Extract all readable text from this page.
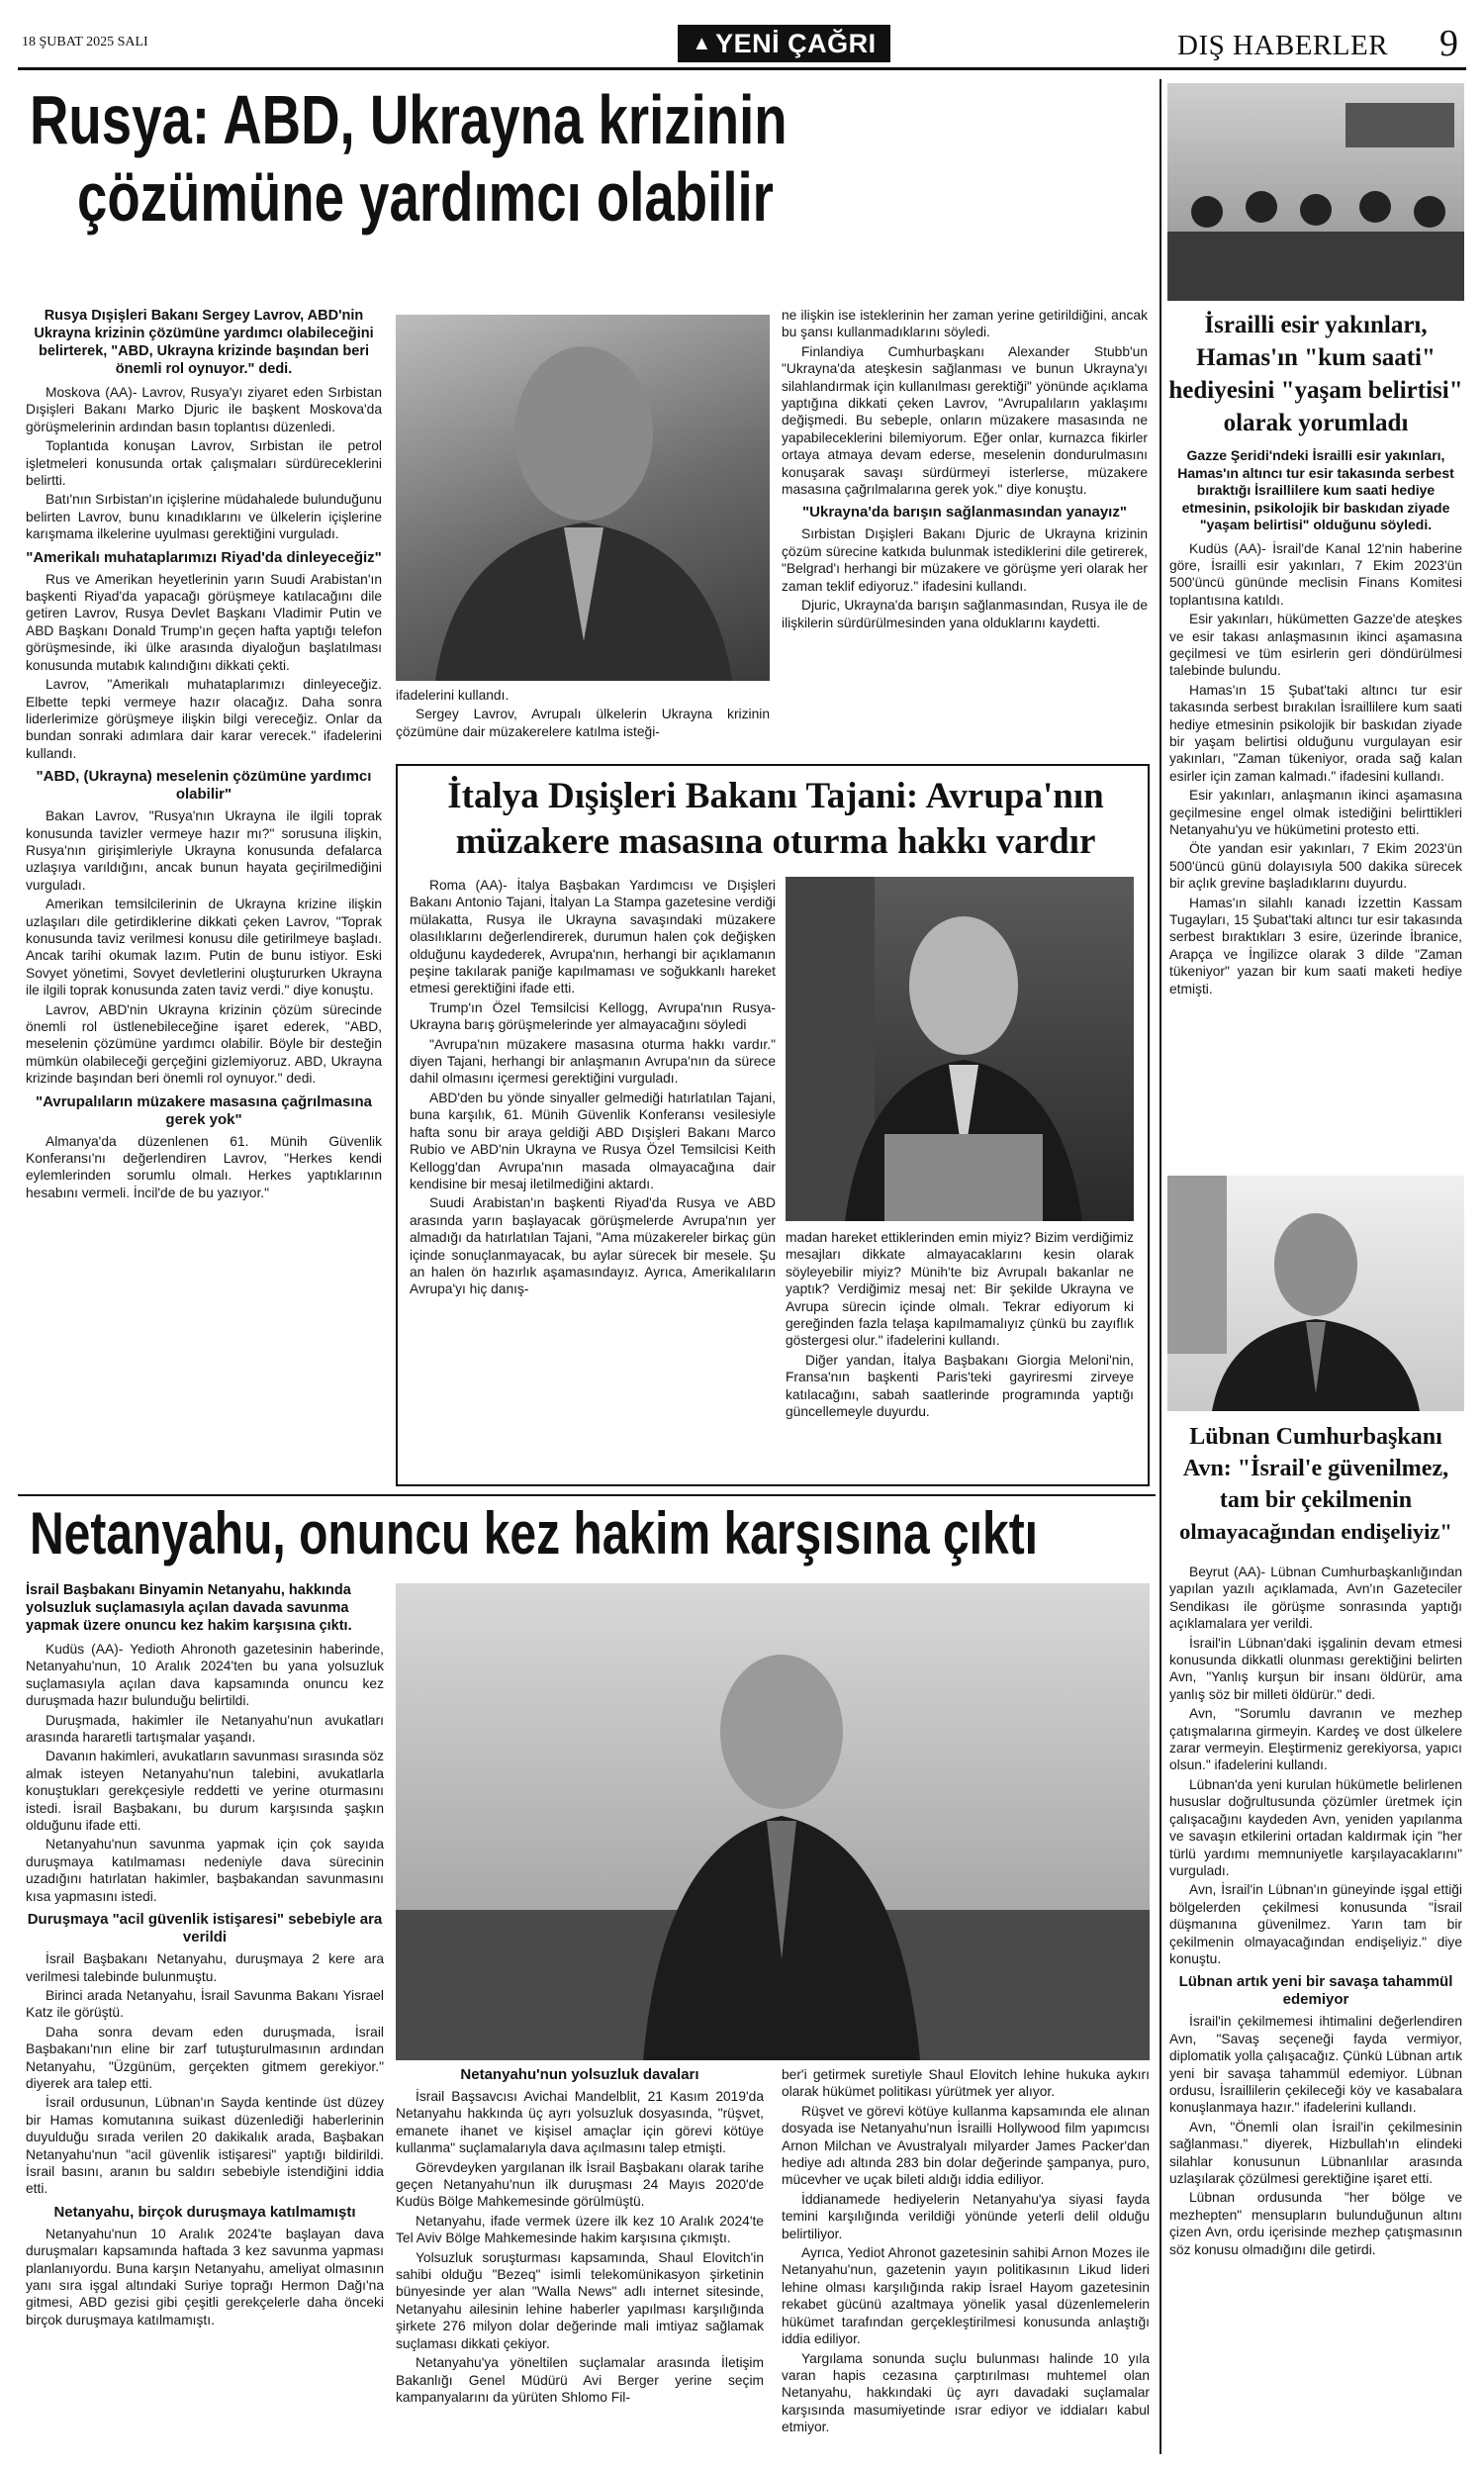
18 ŞUBAT 2025 SALI	▲ YENİ ÇAĞRI	DIŞ HABERLER 9
Rusya: ABD, Ukrayna krizinin
çözümüne yardımcı olabilir
Rusya Dışişleri Bakanı Sergey Lavrov, ABD'nin Ukrayna krizinin çözümüne yardımcı olabileceğini belirterek, "ABD, Ukrayna krizinde başından beri önemli rol oynuyor." dedi.

Moskova (AA)- Lavrov, Rusya'yı ziyaret eden Sırbistan Dışişleri Bakanı Marko Djuric ile başkent Moskova'da görüşmelerinin ardından basın toplantısı düzenledi.

Toplantıda konuşan Lavrov, Sırbistan ile petrol işletmeleri konusunda ortak çalışmaları sürdüreceklerini belirtti.

Batı'nın Sırbistan'ın içişlerine müdahalede bulunduğunu belirten Lavrov, bunu kınadıklarını ve ülkelerin içişlerine karışmama ilkelerine uyulması gerektiğini vurguladı.

"Amerikalı muhataplarımızı Riyad'da dinleyeceğiz"

Rus ve Amerikan heyetlerinin yarın Suudi Arabistan'ın başkenti Riyad'da yapacağı görüşmeye katılacağını dile getiren Lavrov, Rusya Devlet Başkanı Vladimir Putin ve ABD Başkanı Donald Trump'ın geçen hafta yaptığı telefon görüşmesinde, iki ülke arasında diyaloğun başlatılması konusunda mutabık kalındığını dikkati çekti.

Lavrov, "Amerikalı muhataplarımızı dinleyeceğiz. Elbette tepki vermeye hazır olacağız. Daha sonra liderlerimize görüşmeye ilişkin bilgi vereceğiz. Onlar da bundan sonraki adımlara dair karar verecek." ifadelerini kullandı.

"ABD, (Ukrayna) meselenin çözümüne yardımcı olabilir"

Bakan Lavrov, "Rusya'nın Ukrayna ile ilgili toprak konusunda tavizler vermeye hazır mı?" sorusuna ilişkin, Rusya'nın girişimleriyle Ukrayna konusunda defalarca uzlaşıya varıldığını, ancak bunun hayata geçirilmediğini vurguladı.

Amerikan temsilcilerinin de Ukrayna krizine ilişkin uzlaşıları dile getirdiklerine dikkati çeken Lavrov, "Toprak konusunda taviz verilmesi konusu dile getirilmeye başladı. Ancak tarihi okumak lazım. Putin de bunu istiyor. Eski Sovyet yönetimi, Sovyet devletlerini oluştururken Ukrayna ile ilgili toprak konusunda zaten taviz verdi." diye konuştu.

Lavrov, ABD'nin Ukrayna krizinin çözüm sürecinde önemli rol üstlenebileceğine işaret ederek, "ABD, meselenin çözümüne yardımcı olabilir. Böyle bir desteğin mümkün olabileceği gerçeğini gizlemiyoruz. ABD, Ukrayna krizinde başından beri önemli rol oynuyor." dedi.

"Avrupalıların müzakere masasına çağrılmasına gerek yok"

Almanya'da düzenlenen 61. Münih Güvenlik Konferansı'nı değerlendiren Lavrov, "Herkes kendi eylemlerinden sorumlu olmalı. Herkes yaptıklarının hesabını vermeli. İncil'de de bu yazıyor."

ifadelerini kullandı.

Sergey Lavrov, Avrupalı ülkelerin Ukrayna krizinin çözümüne dair müzakerelere katılma isteği-

ne ilişkin ise isteklerinin her zaman yerine getirildiğini, ancak bu şansı kullanmadıklarını söyledi.

Finlandiya Cumhurbaşkanı Alexander Stubb'un "Ukrayna'da ateşkesin sağlanması ve bunun Ukrayna'yı silahlandırmak için kullanılması gerektiği" yönünde açıklama yaptığına dikkati çeken Lavrov, "Avrupalıların yaklaşımı değişmedi. Bu sebeple, onların müzakere masasında ne yapabileceklerini bilemiyorum. Eğer onlar, kurnazca fikirler ortaya atmaya devam ederse, meselenin dondurulmasını konuşarak savaşı sürdürmeyi isterlerse, müzakere masasına çağrılmalarına gerek yok." diye konuştu.

"Ukrayna'da barışın sağlanmasından yanayız"

Sırbistan Dışişleri Bakanı Djuric de Ukrayna krizinin çözüm sürecine katkıda bulunmak istediklerini dile getirerek, "Belgrad'ı herhangi bir müzakere ve görüşme yeri olarak her zaman teklif ediyoruz." ifadesini kullandı.

Djuric, Ukrayna'da barışın sağlanmasından, Rusya ile de ilişkilerin sürdürülmesinden yana olduklarını kaydetti.

İtalya Dışişleri Bakanı Tajani: Avrupa'nın
müzakere masasına oturma hakkı vardır

Roma (AA)- İtalya Başbakan Yardımcısı ve Dışişleri Bakanı Antonio Tajani, İtalyan La Stampa gazetesine verdiği mülakatta, Rusya ile Ukrayna savaşındaki müzakere olasılıklarını değerlendirerek, durumun halen çok değişken olduğunu kaydederek, Avrupa'nın, herhangi bir açıklamanın peşine takılarak paniğe kapılmaması ve soğukkanlı hareket etmesi gerektiğini ifade etti.

Trump'ın Özel Temsilcisi Kellogg, Avrupa'nın Rusya-Ukrayna barış görüşmelerinde yer almayacağını söyledi

"Avrupa'nın müzakere masasına oturma hakkı vardır." diyen Tajani, herhangi bir anlaşmanın Avrupa'nın da sürece dahil olmasını içermesi gerektiğini vurguladı.

ABD'den bu yönde sinyaller gelmediği hatırlatılan Tajani, buna karşılık, 61. Münih Güvenlik Konferansı vesilesiyle hafta sonu bir araya geldiği ABD Dışişleri Bakanı Marco Rubio ve ABD'nin Ukrayna ve Rusya Özel Temsilcisi Keith Kellogg'dan Avrupa'nın masada olmayacağına dair kendisine bir mesaj iletilmediğini aktardı.

Suudi Arabistan'ın başkenti Riyad'da Rusya ve ABD arasında yarın başlayacak görüşmelerde Avrupa'nın yer almadığı da hatırlatılan Tajani, "Ama müzakereler birkaç gün içinde sonuçlanmayacak, bu aylar sürecek bir mesele. Şu an halen ön hazırlık aşamasındayız. Ayrıca, Amerikalıların Avrupa'yı hiç danış-

madan hareket ettiklerinden emin miyiz? Bizim verdiğimiz mesajları dikkate almayacaklarını kesin olarak söyleyebilir miyiz? Münih'te biz Avrupalı bakanlar ne yaptık? Verdiğimiz mesaj net: Bir şekilde Ukrayna ve Avrupa sürecin içinde olmalı. Tekrar ediyorum ki gereğinden fazla telaşa kapılmamalıyız çünkü bu zayıflık göstergesi olur." ifadelerini kullandı.

Diğer yandan, İtalya Başbakanı Giorgia Meloni'nin, Fransa'nın başkenti Paris'teki gayriresmi zirveye katılacağını, sabah saatlerinde programında yaptığı güncellemeyle duyurdu.

Netanyahu, onuncu kez hakim karşısına çıktı
İsrail Başbakanı Binyamin Netanyahu, hakkında yolsuzluk suçlamasıyla açılan davada savunma yapmak üzere onuncu kez hakim karşısına çıktı.

Kudüs (AA)- Yedioth Ahronoth gazetesinin haberinde, Netanyahu'nun, 10 Aralık 2024'ten bu yana yolsuzluk suçlamasıyla açılan dava kapsamında onuncu kez duruşmada hazır bulunduğu belirtildi.

Duruşmada, hakimler ile Netanyahu'nun avukatları arasında hararetli tartışmalar yaşandı.

Davanın hakimleri, avukatların savunması sırasında söz almak isteyen Netanyahu'nun talebini, avukatlarla konuştukları gerekçesiyle reddetti ve yerine oturmasını istedi. İsrail Başbakanı, bu durum karşısında şaşkın olduğunu ifade etti.

Netanyahu'nun savunma yapmak için çok sayıda duruşmaya katılmaması nedeniyle dava sürecinin uzadığını hatırlatan hakimler, başbakandan savunmasını kısa yapmasını istedi.

Duruşmaya "acil güvenlik istişaresi" sebebiyle ara verildi

İsrail Başbakanı Netanyahu, duruşmaya 2 kere ara verilmesi talebinde bulunmuştu.

Birinci arada Netanyahu, İsrail Savunma Bakanı Yisrael Katz ile görüştü.

Daha sonra devam eden duruşmada, İsrail Başbakanı'nın eline bir zarf tutuşturulmasının ardından Netanyahu, "Üzgünüm, gerçekten gitmem gerekiyor." diyerek ara talep etti.

İsrail ordusunun, Lübnan'ın Sayda kentinde üst düzey bir Hamas komutanına suikast düzenlediği haberlerinin duyulduğu sırada verilen 20 dakikalık arada, Başbakan Netanyahu'nun "acil güvenlik istişaresi" yaptığı bildirildi. İsrail basını, aranın bu saldırı sebebiyle istendiğini iddia etti.

Netanyahu, birçok duruşmaya katılmamıştı

Netanyahu'nun 10 Aralık 2024'te başlayan dava duruşmaları kapsamında haftada 3 kez savunma yapması planlanıyordu. Buna karşın Netanyahu, ameliyat olmasının yanı sıra işgal altındaki Suriye toprağı Hermon Dağı'na gitmesi, ABD gezisi gibi çeşitli gerekçelerle daha önceki birçok duruşmaya katılmamıştı.

Netanyahu'nun yolsuzluk davaları

İsrail Başsavcısı Avichai Mandelblit, 21 Kasım 2019'da Netanyahu hakkında üç ayrı yolsuzluk dosyasında, "rüşvet, emanete ihanet ve kişisel amaçlar için görevi kötüye kullanma" suçlamalarıyla dava açılmasını talep etmişti.

Görevdeyken yargılanan ilk İsrail Başbakanı olarak tarihe geçen Netanyahu'nun ilk duruşması 24 Mayıs 2020'de Kudüs Bölge Mahkemesinde görülmüştü.

Netanyahu, ifade vermek üzere ilk kez 10 Aralık 2024'te Tel Aviv Bölge Mahkemesinde hakim karşısına çıkmıştı.

Yolsuzluk soruşturması kapsamında, Shaul Elovitch'in sahibi olduğu "Bezeq" isimli telekomünikasyon şirketinin bünyesinde yer alan "Walla News" adlı internet sitesinde, Netanyahu ailesinin lehine haberler yapılması karşılığında şirkete 276 milyon dolar değerinde mali imtiyaz sağlamak suçlaması dikkati çekiyor.

Netanyahu'ya yöneltilen suçlamalar arasında İletişim Bakanlığı Genel Müdürü Avi Berger yerine seçim kampanyalarını da yürüten Shlomo Fil-

ber'i getirmek suretiyle Shaul Elovitch lehine hukuka aykırı olarak hükümet politikası yürütmek yer alıyor.

Rüşvet ve görevi kötüye kullanma kapsamında ele alınan dosyada ise Netanyahu'nun İsrailli Hollywood film yapımcısı Arnon Milchan ve Avustralyalı milyarder James Packer'dan hediye adı altında 283 bin dolar değerinde şampanya, puro, mücevher ve uçak bileti aldığı iddia ediliyor.

İddianamede hediyelerin Netanyahu'ya siyasi fayda temini karşılığında verildiği yönünde yeterli delil olduğu belirtiliyor.

Ayrıca, Yediot Ahronot gazetesinin sahibi Arnon Mozes ile Netanyahu'nun, gazetenin yayın politikasının Likud lideri lehine olması karşılığında rakip İsrael Hayom gazetesinin rekabet gücünü azaltmaya yönelik yasal düzenlemelerin hükümet tarafından gerçekleştirilmesi konusunda anlaştığı iddia ediliyor.

Yargılama sonunda suçlu bulunması halinde 10 yıla varan hapis cezasına çarptırılması muhtemel olan Netanyahu, hakkındaki üç ayrı davadaki suçlamalar karşısında masumiyetinde ısrar ediyor ve iddiaları kabul etmiyor.

İsrailli esir yakınları,
Hamas'ın "kum saati"
hediyesini "yaşam belirtisi"
olarak yorumladı
Gazze Şeridi'ndeki İsrailli esir yakınları, Hamas'ın altıncı tur esir takasında serbest bıraktığı İsraillilere kum saati hediye etmesinin, psikolojik bir baskıdan ziyade "yaşam belirtisi" olduğunu söyledi.

Kudüs (AA)- İsrail'de Kanal 12'nin haberine göre, İsrailli esir yakınları, 7 Ekim 2023'ün 500'üncü gününde meclisin Finans Komitesi toplantısına katıldı.

Esir yakınları, hükümetten Gazze'de ateşkes ve esir takası anlaşmasının ikinci aşamasına geçilmesi ve tüm esirlerin geri döndürülmesi talebinde bulundu.

Hamas'ın 15 Şubat'taki altıncı tur esir takasında serbest bırakılan İsraillilere kum saati hediye etmesinin psikolojik bir baskıdan ziyade bir yaşam belirtisi olduğunu vurgulayan esir yakınları, "Zaman tükeniyor, orada sağ kalan esirler için zaman kalmadı." ifadesini kullandı.

Esir yakınları, anlaşmanın ikinci aşamasına geçilmesine engel olmak istediğini belirttikleri Netanyahu'yu ve hükümetini protesto etti.

Öte yandan esir yakınları, 7 Ekim 2023'ün 500'üncü günü dolayısıyla 500 dakika sürecek bir açlık grevine başladıklarını duyurdu.

Hamas'ın silahlı kanadı İzzettin Kassam Tugayları, 15 Şubat'taki altıncı tur esir takasında serbest bıraktıkları 3 esire, üzerinde İbranice, Arapça ve İngilizce olarak 3 dilde "Zaman tükeniyor" yazan bir kum saati maketi hediye etmişti.

Lübnan Cumhurbaşkanı
Avn: "İsrail'e güvenilmez,
tam bir çekilmenin
olmayacağından endişeliyiz"

Beyrut (AA)- Lübnan Cumhurbaşkanlığından yapılan yazılı açıklamada, Avn'ın Gazeteciler Sendikası ile görüşme sonrasında yaptığı açıklamalara yer verildi.

İsrail'in Lübnan'daki işgalinin devam etmesi konusunda dikkatli olunması gerektiğini belirten Avn, "Yanlış kurşun bir insanı öldürür, ama yanlış söz bir milleti öldürür." dedi.

Avn, "Sorumlu davranın ve mezhep çatışmalarına girmeyin. Kardeş ve dost ülkelere zarar vermeyin. Eleştirmeniz gerekiyorsa, yapıcı olsun." ifadelerini kullandı.

Lübnan'da yeni kurulan hükümetle belirlenen hususlar doğrultusunda çözümler üretmek için çalışacağını kaydeden Avn, yeniden yapılanma ve savaşın etkilerini ortadan kaldırmak için "her türlü yardımı memnuniyetle karşılayacaklarını" vurguladı.

Avn, İsrail'in Lübnan'ın güneyinde işgal ettiği bölgelerden çekilmesi konusunda "İsrail düşmanına güvenilmez. Yarın tam bir çekilmenin olmayacağından endişeliyiz." diye konuştu.

Lübnan artık yeni bir savaşa tahammül edemiyor

İsrail'in çekilmemesi ihtimalini değerlendiren Avn, "Savaş seçeneği fayda vermiyor, diplomatik yolla çalışacağız. Çünkü Lübnan artık yeni bir savaşa tahammül edemiyor. Lübnan ordusu, İsraillilerin çekileceği köy ve kasabalara konuşlanmaya hazır." ifadelerini kullandı.

Avn, "Önemli olan İsrail'in çekilmesinin sağlanması." diyerek, Hizbullah'ın elindeki silahlar konusunun Lübnanlılar arasında uzlaşılarak çözülmesi gerektiğine işaret etti.

Lübnan ordusunda "her bölge ve mezhepten" mensupların bulunduğunun altını çizen Avn, ordu içerisinde mezhep çatışmasının söz konusu olmadığını dile getirdi.
